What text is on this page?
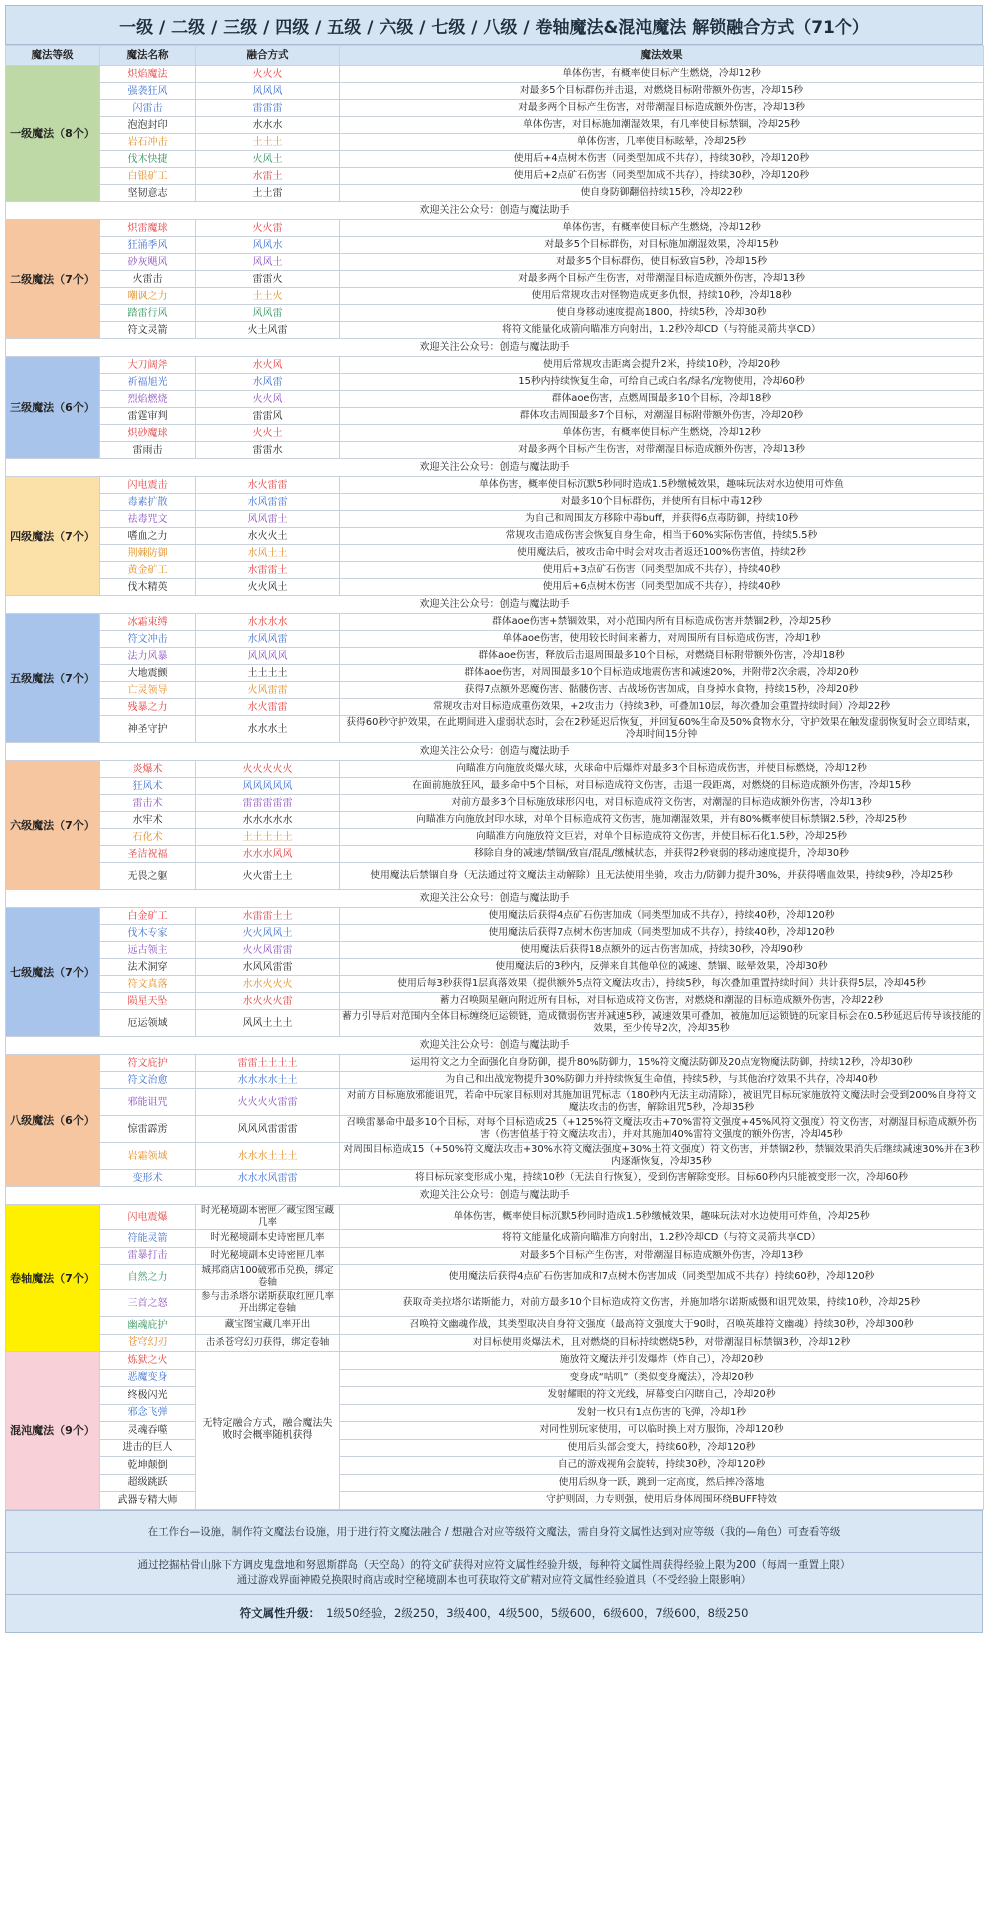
一级 / 二级 / 三级 / 四级 / 五级 / 六级 / 七级 / 八级 / 卷轴魔法&混沌魔法 解锁融合方式（71个）
魔法等级	魔法名称	融合方式	魔法效果
一级魔法（8个）	炽焰魔法	火火火	单体伤害，有概率使目标产生燃烧，冷却12秒
	强袭狂风	风风风	对最多5个目标群伤并击退，对燃烧目标附带额外伤害，冷却15秒
	闪雷击	雷雷雷	对最多两个目标产生伤害，对带潮湿目标造成额外伤害，冷却13秒
	泡泡封印	水水水	单体伤害，对目标施加潮湿效果，有几率使目标禁锢，冷却25秒
	岩石冲击	土土土	单体伤害，几率使目标眩晕，冷却25秒
	伐木快捷	火风土	使用后+4点树木伤害（同类型加成不共存），持续30秒，冷却120秒
	白银矿工	水雷土	使用后+2点矿石伤害（同类型加成不共存），持续30秒，冷却120秒
	坚韧意志	土土雷	使自身防御翻倍持续15秒，冷却22秒
欢迎关注公众号：创造与魔法助手			
二级魔法（7个）	炽雷魔球	火火雷	单体伤害，有概率使目标产生燃烧，冷却12秒
	狂涌季风	风风水	对最多5个目标群伤，对目标施加潮湿效果，冷却15秒
	砂灰飓风	风风土	对最多5个目标群伤，使目标致盲5秒，冷却15秒
	火雷击	雷雷火	对最多两个目标产生伤害，对带潮湿目标造成额外伤害，冷却13秒
	嘲讽之力	土土火	使用后常规攻击对怪物造成更多仇恨，持续10秒，冷却18秒
	踏雷行风	风风雷	使自身移动速度提高1800，持续5秒，冷却30秒
	符文灵箭	火土风雷	将符文能量化成箭向瞄准方向射出，1.2秒冷却CD（与符能灵箭共享CD）
欢迎关注公众号：创造与魔法助手			
三级魔法（6个）	大刀阔斧	水火风	使用后常规攻击距离会提升2米，持续10秒，冷却20秒
	祈福旭光	水风雷	15秒内持续恢复生命，可给自己或白名/绿名/宠物使用，冷却60秒
	烈焰燃烧	火火风	群体aoe伤害，点燃周围最多10个目标，冷却18秒
	雷霆审判	雷雷风	群体攻击周围最多7个目标，对潮湿目标附带额外伤害，冷却20秒
	炽砂魔球	火火土	单体伤害，有概率使目标产生燃烧，冷却12秒
	雷雨击	雷雷水	对最多两个目标产生伤害，对带潮湿目标造成额外伤害，冷却13秒
欢迎关注公众号：创造与魔法助手			
四级魔法（7个）	闪电震击	水火雷雷	单体伤害，概率使目标沉默5秒同时造成1.5秒缴械效果，趣味玩法对水边使用可炸鱼
	毒素扩散	水风雷雷	对最多10个目标群伤，并使所有目标中毒12秒
	祛毒咒文	风风雷土	为自己和周围友方移除中毒buff，并获得6点毒防御，持续10秒
	嗜血之力	水火火土	常规攻击造成伤害会恢复自身生命，相当于60%实际伤害值，持续5.5秒
	荆棘防御	水风土土	使用魔法后，被攻击命中时会对攻击者返还100%伤害值，持续2秒
	黄金矿工	水雷雷土	使用后+3点矿石伤害（同类型加成不共存），持续40秒
	伐木精英	火火风土	使用后+6点树木伤害（同类型加成不共存），持续40秒
欢迎关注公众号：创造与魔法助手			
五级魔法（7个）	冰霜束缚	水水水水	群体aoe伤害+禁锢效果，对小范围内所有目标造成伤害并禁锢2秒，冷却25秒
	符文冲击	水风风雷	单体aoe伤害，使用较长时间来蓄力，对周围所有目标造成伤害，冷却1秒
	法力风暴	风风风风	群体aoe伤害，释放后击退周围最多10个目标，对燃烧目标附带额外伤害，冷却18秒
	大地震颤	土土土土	群体aoe伤害，对周围最多10个目标造成地震伤害和减速20%，并附带2次余震，冷却20秒
	亡灵领导	火风雷雷	获得7点额外恶魔伤害、骷髅伤害、古战场伤害加成，自身掉水食物，持续15秒，冷却20秒
	残暴之力	水火雷雷	常规攻击对目标造成重伤效果，+2攻击力（持续3秒，可叠加10层，每次叠加会重置持续时间）冷却22秒
	神圣守护	水水水土	获得60秒守护效果，在此期间进入虚弱状态时，会在2秒延迟后恢复，并回复60%生命及50%食物水分，守护效果在触发虚弱恢复时会立即结束，冷却时间15分钟
欢迎关注公众号：创造与魔法助手			
六级魔法（7个）	炎爆术	火火火火火	向瞄准方向施放炎爆火球，火球命中后爆炸对最多3个目标造成伤害，并使目标燃烧，冷却12秒
	狂风术	风风风风风	在面前施放狂风，最多命中5个目标，对目标造成符文伤害，击退一段距离，对燃烧的目标造成额外伤害，冷却15秒
	雷击术	雷雷雷雷雷	对前方最多3个目标施放球形闪电，对目标造成符文伤害，对潮湿的目标造成额外伤害，冷却13秒
	水牢术	水水水水水	向瞄准方向施放封印水球，对单个目标造成符文伤害，施加潮湿效果，并有80%概率使目标禁锢2.5秒，冷却25秒
	石化术	土土土土土	向瞄准方向施放符文巨岩，对单个目标造成符文伤害，并使目标石化1.5秒，冷却25秒
	圣洁祝福	水水水风风	移除自身的减速/禁锢/致盲/混乱/缴械状态，并获得2秒衰弱的移动速度提升，冷却30秒
	无畏之躯	火火雷土土	使用魔法后禁锢自身（无法通过符文魔法主动解除）且无法使用坐骑，攻击力/防御力提升30%，并获得嗜血效果，持续9秒，冷却25秒
欢迎关注公众号：创造与魔法助手			
七级魔法（7个）	白金矿工	水雷雷土土	使用魔法后获得4点矿石伤害加成（同类型加成不共存），持续40秒，冷却120秒
	伐木专家	火火风风土	使用魔法后获得7点树木伤害加成（同类型加成不共存），持续40秒，冷却120秒
	远古领主	火火风雷雷	使用魔法后获得18点额外的远古伤害加成，持续30秒，冷却90秒
	法术洞穿	水风风雷雷	使用魔法后的3秒内，反弹来自其他单位的减速、禁锢、眩晕效果，冷却30秒
	符文真落	水水火火火	使用后每3秒获得1层真落效果（提供额外5点符文魔法攻击），持续5秒，每次叠加重置持续时间）共计获得5层，冷却45秒
	陨星天坠	水火火火雷	蓄力召唤陨星砸向附近所有目标，对目标造成符文伤害，对燃烧和潮湿的目标造成额外伤害，冷却22秒
	厄运领域	风风土土土	蓄力引导后对范围内全体目标缠绕厄运锁链，造成微弱伤害并减速5秒，减速效果可叠加，被施加厄运锁链的玩家目标会在0.5秒延迟后传导该技能的效果，至少传导2次，冷却35秒
欢迎关注公众号：创造与魔法助手			
八级魔法（6个）	符文庇护	雷雷土土土土	运用符文之力全面强化自身防御，提升80%防御力，15%符文魔法防御及20点宠物魔法防御，持续12秒，冷却30秒
	符文治愈	水水水水土土	为自己和出战宠物提升30%防御力并持续恢复生命值，持续5秒，与其他治疗效果不共存，冷却40秒
	邪能诅咒	火火火火雷雷	对前方目标施放邪能诅咒，若命中玩家目标则对其施加诅咒标志（180秒内无法主动清除），被诅咒目标玩家施放符文魔法时会受到200%自身符文魔法攻击的伤害，解除诅咒5秒，冷却35秒
	惊雷霹雳	风风风雷雷雷	召唤雷暴命中最多10个目标，对每个目标造成25（+125%符文魔法攻击+70%雷符文强度+45%风符文强度）符文伤害，对潮湿目标造成额外伤害（伤害值基于符文魔法攻击），并对其施加40%雷符文强度的额外伤害，冷却45秒
	岩霜领域	水水水土土土	对周围目标造成15（+50%符文魔法攻击+30%水符文魔法强度+30%土符文强度）符文伤害，并禁锢2秒，禁锢效果消失后继续减速30%并在3秒内逐渐恢复，冷却35秒
	变形术	水水水风雷雷	将目标玩家变形成小鬼，持续10秒（无法自行恢复），受到伤害解除变形。目标60秒内只能被变形一次，冷却60秒
欢迎关注公众号：创造与魔法助手			
卷轴魔法（7个）	闪电震爆	时光秘境副本密匣／藏宝图宝藏几率	单体伤害，概率使目标沉默5秒同时造成1.5秒缴械效果，趣味玩法对水边使用可炸鱼，冷却25秒
	符能灵箭	时光秘境副本史诗密匣几率	将符文能量化成箭向瞄准方向射出，1.2秒冷却CD（与符文灵箭共享CD）
	雷暴打击	时光秘境副本史诗密匣几率	对最多5个目标产生伤害，对带潮湿目标造成额外伤害，冷却13秒
	自然之力	城邦商店100破邪币兑换，绑定卷轴	使用魔法后获得4点矿石伤害加成和7点树木伤害加成（同类型加成不共存）持续60秒，冷却120秒
	三首之怒	参与击杀塔尔诺斯获取红匣几率开出绑定卷轴	获取奇美拉塔尔诺斯能力，对前方最多10个目标造成符文伤害，并施加塔尔诺斯威慑和诅咒效果，持续10秒，冷却25秒
	幽魂庇护	藏宝图宝藏几率开出	召唤符文幽魂作战，其类型取决自身符文强度（最高符文强度大于90时，召唤英雄符文幽魂）持续30秒，冷却300秒
	苍穹幻刃	击杀苍穹幻刃获得，绑定卷轴	对目标使用炎爆法术，且对燃烧的目标持续燃烧5秒，对带潮湿目标禁锢3秒，冷却12秒
混沌魔法（9个）	炼狱之火	无特定融合方式，融合魔法失败时会概率随机获得	施放符文魔法并引发爆炸（炸自己），冷却20秒
	恶魔变身		变身成“咕叽”（类似变身魔法），冷却20秒
	终极闪光		发射耀眼的符文光线，屏幕变白闪瞎自己，冷却20秒
	邪念飞弹		发射一枚只有1点伤害的飞弹，冷却1秒
	灵魂吞噬		对同性别玩家使用，可以临时换上对方服饰，冷却120秒
	进击的巨人		使用后头部会变大，持续60秒，冷却120秒
	乾坤颠倒		自己的游戏视角会旋转，持续30秒，冷却120秒
	超级跳跃		使用后纵身一跃，跳到一定高度，然后摔冷落地
	武器专精大师		守护则固，力专则强，使用后身体周围环绕BUFF特效
在工作台—设施，制作符文魔法台设施，用于进行符文魔法融合 / 想融合对应等级符文魔法，需自身符文属性达到对应等级（我的—角色）可查看等级
通过挖掘枯骨山脉下方调皮鬼盘地和努恩斯群岛（天空岛）的符文矿获得对应符文属性经验升级，每种符文属性周获得经验上限为200（每周一重置上限）
通过游戏界面神殿兑换限时商店或时空秘境副本也可获取符文矿精对应符文属性经验道具（不受经验上限影响）
符文属性升级： 1级50经验，2级250，3级400，4级500，5级600，6级600，7级600，8级250
